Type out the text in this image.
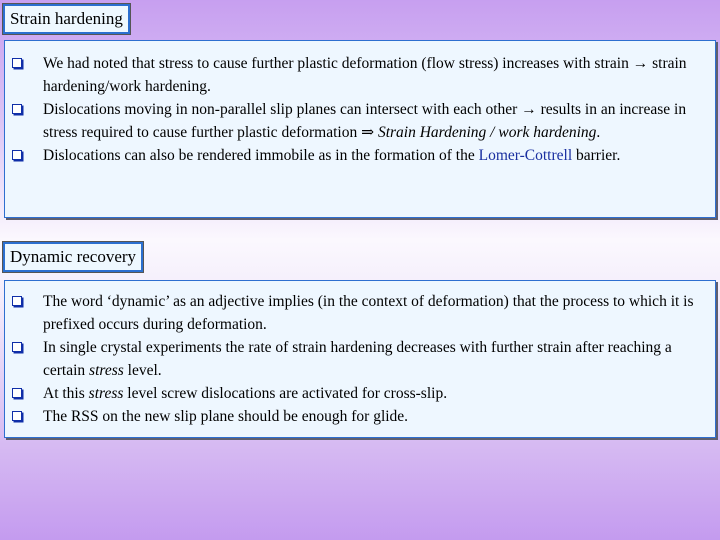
Strain hardening
We had noted that stress to cause further plastic deformation (flow stress) increases with strain → strain hardening/work hardening.
Dislocations moving in non-parallel slip planes can intersect with each other → results in an increase in stress required to cause further plastic deformation ⇒ Strain Hardening / work hardening.
Dislocations can also be rendered immobile as in the formation of the Lomer-Cottrell barrier.
Dynamic recovery
The word ‘dynamic’ as an adjective implies (in the context of deformation) that the process to which it is prefixed occurs during deformation.
In single crystal experiments the rate of strain hardening decreases with further strain after reaching a certain stress level.
At this stress level screw dislocations are activated for cross-slip.
The RSS on the new slip plane should be enough for glide.
